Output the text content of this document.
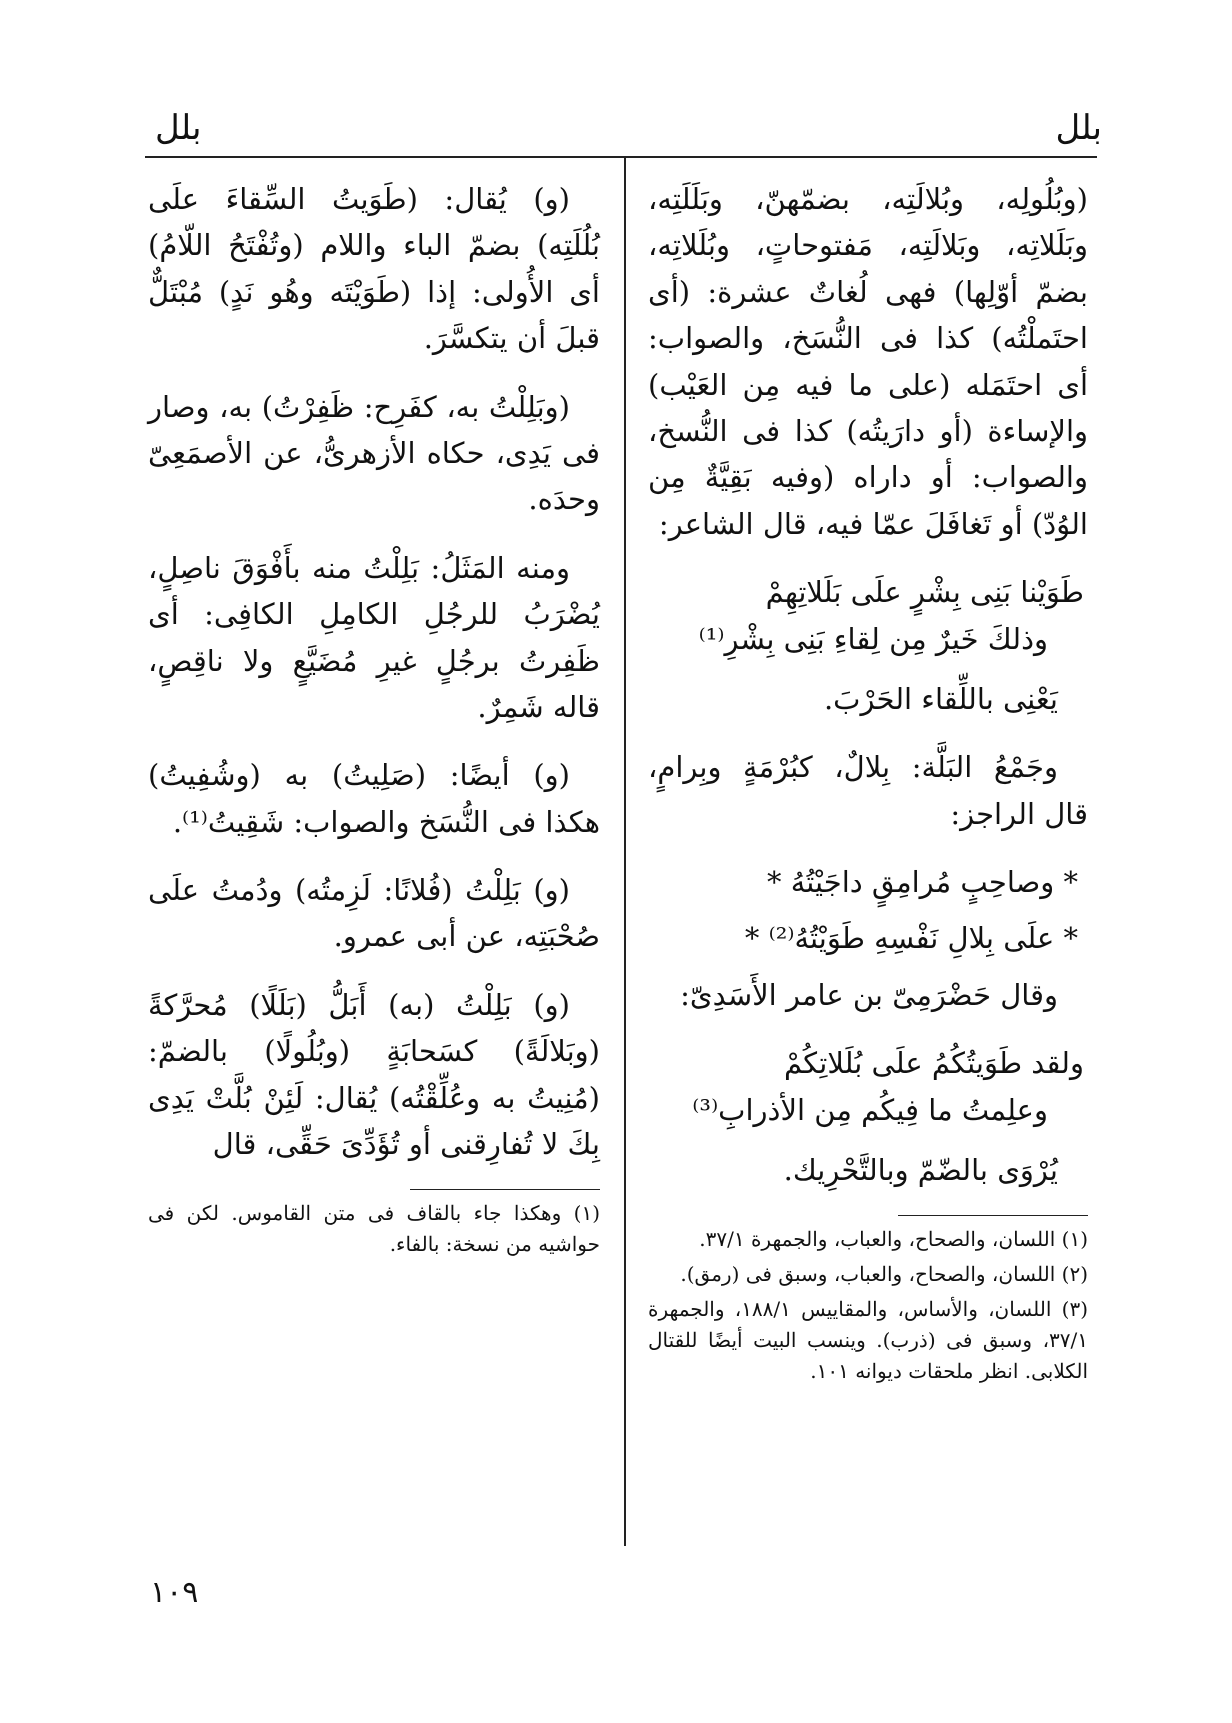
بلل
بلل

(وبُلُولِه، وبُلالَتِه، بضمّهنّ، وبَلَلَتِه، وبَلَلاتِه، وبَلالَتِه، مَفتوحاتٍ، وبُلَلاتِه، بضمّ أوّلِها) فهى لُغاتٌ عشرة: (أى احتَملْتُه) كذا فى النُّسَخ، والصواب: أى احتَمَله (على ما فيه مِن العَيْب) والإساءة (أو دارَيتُه) كذا فى النُّسخ، والصواب: أو داراه (وفيه بَقِيَّةٌ مِن الوُدّ) أو تَغافَلَ عمّا فيه، قال الشاعر:

طَوَيْنا بَنِى بِشْرٍ علَى بَلَلاتِهِمْ
وذلكَ خَيرٌ مِن لِقاءِ بَنِى بِشْرِ⁽¹⁾

يَعْنِى باللِّقاء الحَرْبَ.

وجَمْعُ البَلَّة: بِلالٌ، كبُرْمَةٍ وبِرامٍ، قال الراجز:

* وصاحِبٍ مُرامِقٍ داجَيْتُهُ *
* علَى بِلالِ نَفْسِهِ طَوَيْتُهُ⁽²⁾ *

وقال حَضْرَمِىّ بن عامر الأَسَدِىّ:

ولقد طَوَيتُكُمُ علَى بُلَلاتِكُمْ
وعلِمتُ ما فِيكُم مِن الأذرابِ⁽³⁾

يُرْوَى بالضّمّ وبالتَّحْرِيك.

(١) اللسان، والصحاح، والعباب، والجمهرة ٣٧/١.

(٢) اللسان، والصحاح، والعباب، وسبق فى (رمق).

(٣) اللسان، والأساس، والمقاييس ١٨٨/١، والجمهرة ٣٧/١، وسبق فى (ذرب). وينسب البيت أيضًا للقتال الكلابى. انظر ملحقات ديوانه ١٠١.

(و) يُقال: (طَوَيتُ السِّقاءَ علَى بُلُلَتِه) بضمّ الباء واللام (وتُفْتَحُ اللّامُ) أى الأُولى: إذا (طَوَيْتَه وهُو نَدٍ) مُبْتَلٌّ قبلَ أن يتكسَّرَ.

(وبَلِلْتُ به، كفَرِح: ظَفِرْتُ) به، وصار فى يَدِى، حكاه الأزهرىُّ، عن الأصمَعِىّ وحدَه.

ومنه المَثَلُ: بَلِلْتُ منه بأَفْوَقَ ناصِلٍ، يُضْرَبُ للرجُلِ الكامِلِ الكافِى: أى ظَفِرتُ برجُلٍ غيرِ مُضَيَّعٍ ولا ناقِصٍ، قاله شَمِرٌ.

(و) أيضًا: (صَلِيتُ) به (وشُفِيتُ) هكذا فى النُّسَخ والصواب: شَقِيتُ⁽¹⁾.

(و) بَلِلْتُ (فُلانًا: لَزِمتُه) ودُمتُ علَى صُحْبَتِه، عن أبى عمرو.

(و) بَلِلْتُ (به) أَبَلُّ (بَلَلًا) مُحرَّكةً (وبَلالَةً) كسَحابَةٍ (وبُلُولًا) بالضمّ: (مُنِيتُ به وعُلِّقْتُه) يُقال: لَئِنْ بُلَّتْ يَدِى بِكَ لا تُفارِقنى أو تُؤَدِّىَ حَقِّى، قال

(١) وهكذا جاء بالقاف فى متن القاموس. لكن فى حواشيه من نسخة: بالفاء.

١٠٩
